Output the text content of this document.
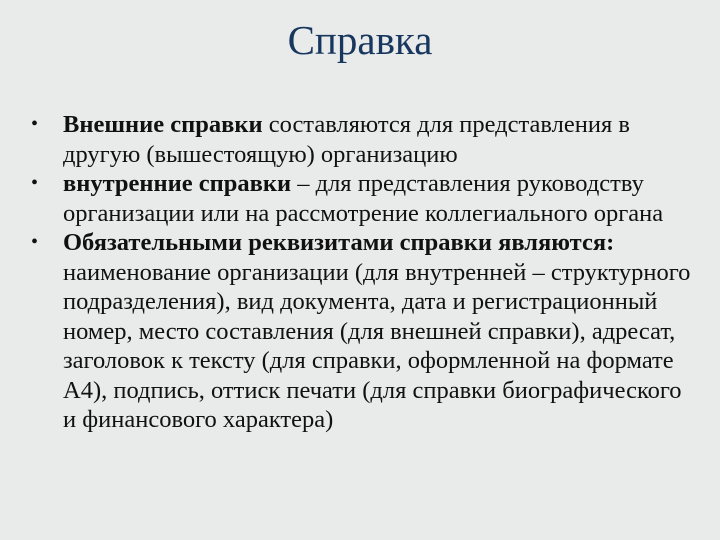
Справка
• Внешние справки составляются для представления в другую (вышестоящую) организацию
• внутренние справки – для представления руководству организации или на рассмотрение коллегиального органа
• Обязательными реквизитами справки являются: наименование организации (для внутренней – структурного подразделения), вид документа, дата и регистрационный номер, место составления (для внешней справки), адресат, заголовок к тексту (для справки, оформленной на формате А4), подпись, оттиск печати (для справки биографического и финансового характера)
